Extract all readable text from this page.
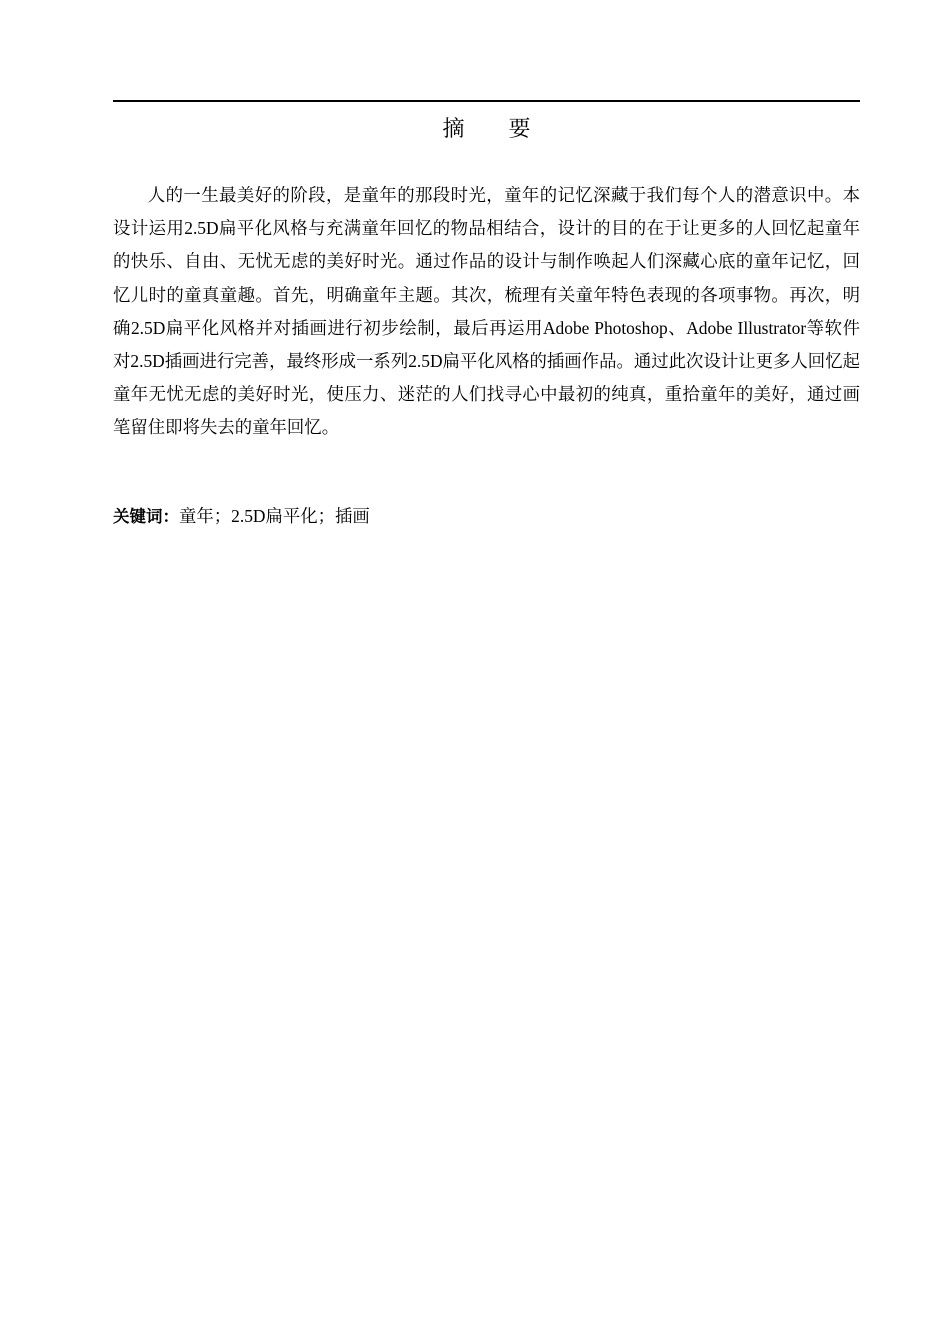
摘 要

人的一生最美好的阶段，是童年的那段时光，童年的记忆深藏于我们每个人的潜意识中。本设计运用2.5D扁平化风格与充满童年回忆的物品相结合，设计的目的在于让更多的人回忆起童年的快乐、自由、无忧无虑的美好时光。通过作品的设计与制作唤起人们深藏心底的童年记忆，回忆儿时的童真童趣。首先，明确童年主题。其次，梳理有关童年特色表现的各项事物。再次，明确2.5D扁平化风格并对插画进行初步绘制，最后再运用Adobe Photoshop、Adobe Illustrator等软件对2.5D插画进行完善，最终形成一系列2.5D扁平化风格的插画作品。通过此次设计让更多人回忆起童年无忧无虑的美好时光，使压力、迷茫的人们找寻心中最初的纯真，重拾童年的美好，通过画笔留住即将失去的童年回忆。

关键词：童年；2.5D扁平化；插画
